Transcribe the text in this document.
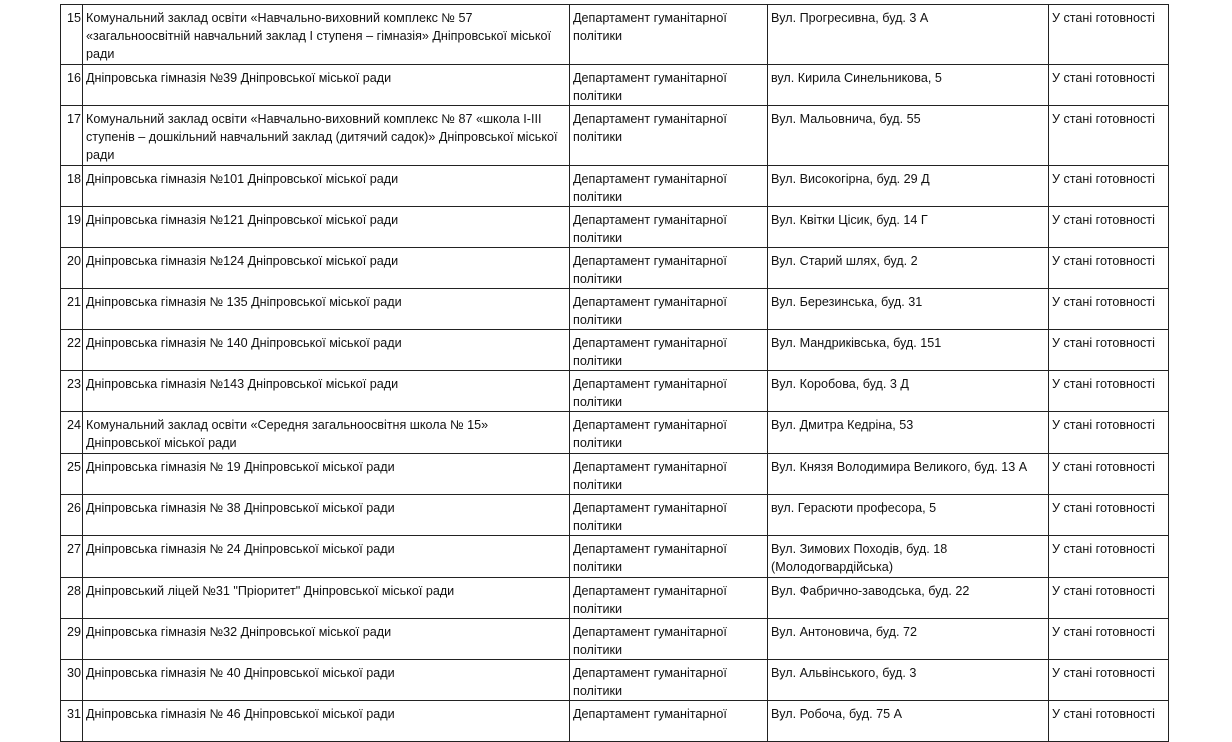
15	Комунальний заклад освіти «Навчально-виховний комплекс № 57 «загальноосвітній навчальний заклад І ступеня – гімназія» Дніпровської міської ради	Департамент гуманітарної політики	Вул. Прогресивна, буд. 3 А	У стані готовності
16	Дніпровська гімназія №39 Дніпровської міської ради	Департамент гуманітарної політики	вул. Кирила Синельникова, 5	У стані готовності
17	Комунальний заклад освіти «Навчально-виховний комплекс № 87 «школа І-ІІІ ступенів – дошкільний навчальний заклад (дитячий садок)» Дніпровської міської ради	Департамент гуманітарної політики	Вул. Мальовнича, буд. 55	У стані готовності
18	Дніпровська гімназія №101 Дніпровської міської ради	Департамент гуманітарної політики	Вул. Високогірна, буд. 29 Д	У стані готовності
19	Дніпровська гімназія №121 Дніпровської міської ради	Департамент гуманітарної політики	Вул. Квітки Цісик, буд. 14 Г	У стані готовності
20	Дніпровська гімназія №124 Дніпровської міської ради	Департамент гуманітарної політики	Вул. Старий шлях, буд. 2	У стані готовності
21	Дніпровська гімназія № 135 Дніпровської міської ради	Департамент гуманітарної політики	Вул. Березинська, буд. 31	У стані готовності
22	Дніпровська гімназія № 140 Дніпровської міської ради	Департамент гуманітарної політики	Вул. Мандриківська, буд. 151	У стані готовності
23	Дніпровська гімназія №143 Дніпровської міської ради	Департамент гуманітарної політики	Вул. Коробова, буд. 3 Д	У стані готовності
24	Комунальний заклад освіти «Середня загальноосвітня школа № 15» Дніпровської міської ради	Департамент гуманітарної політики	Вул. Дмитра Кедріна, 53	У стані готовності
25	Дніпровська гімназія № 19 Дніпровської міської ради	Департамент гуманітарної політики	Вул. Князя Володимира Великого, буд. 13 А	У стані готовності
26	Дніпровська гімназія № 38 Дніпровської міської ради	Департамент гуманітарної політики	вул. Герасюти професора, 5	У стані готовності
27	Дніпровська гімназія № 24 Дніпровської міської ради	Департамент гуманітарної політики	Вул. Зимових Походів, буд. 18 (Молодогвардійська)	У стані готовності
28	Дніпровський ліцей №31 "Пріоритет" Дніпровської міської ради	Департамент гуманітарної політики	Вул. Фабрично-заводська, буд. 22	У стані готовності
29	Дніпровська гімназія №32 Дніпровської міської ради	Департамент гуманітарної політики	Вул. Антоновича, буд. 72	У стані готовності
30	Дніпровська гімназія № 40 Дніпровської міської ради	Департамент гуманітарної політики	Вул. Альвінського, буд. 3	У стані готовності
31	Дніпровська гімназія № 46 Дніпровської міської ради	Департамент гуманітарної	Вул. Робоча, буд. 75 А	У стані готовності
